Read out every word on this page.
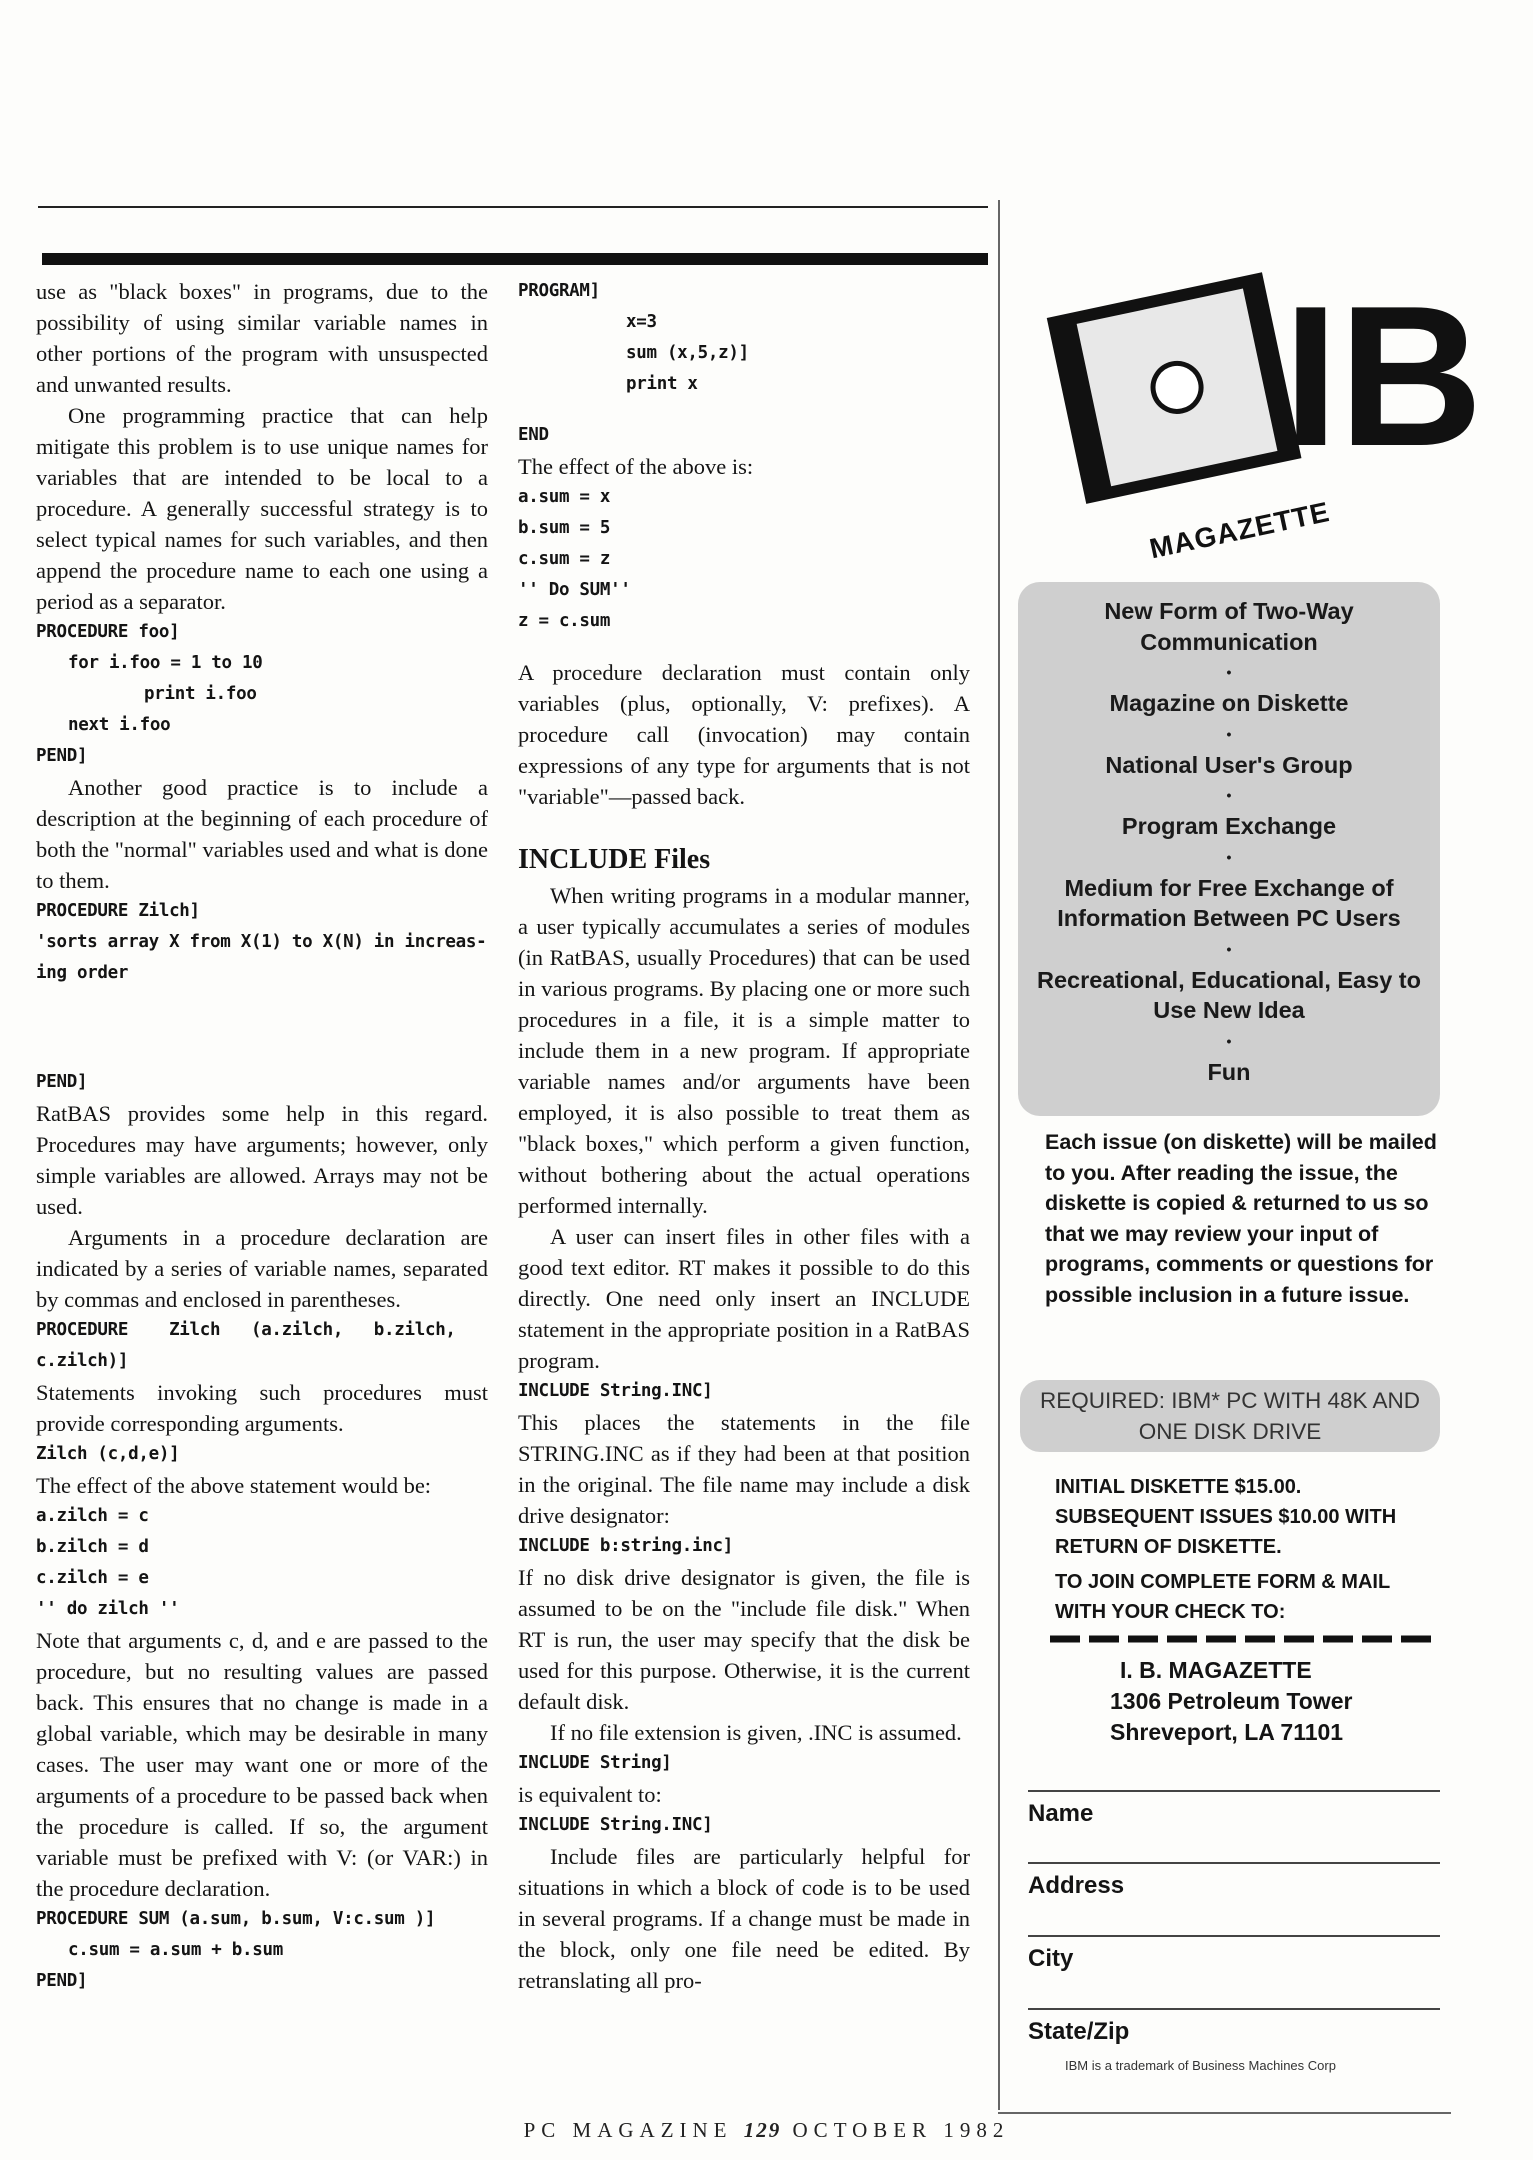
use as "black boxes" in programs, due to the possibility of using similar variable names in other portions of the program with unsuspected and unwanted results.

One programming practice that can help mitigate this problem is to use unique names for variables that are intended to be local to a procedure. A generally successful strategy is to select typical names for such variables, and then append the procedure name to each one using a period as a separator.

PROCEDURE foo]
for i.foo = 1 to 10
print i.foo
next i.foo
PEND]

Another good practice is to include a description at the beginning of each procedure of both the "normal" variables used and what is done to them.

PROCEDURE Zilch]
'sorts array X from X(1) to X(N) in increas-
ing order
PEND]

RatBAS provides some help in this regard. Procedures may have arguments; however, only simple variables are allowed. Arrays may not be used.

Arguments in a procedure declaration are indicated by a series of variable names, separated by commas and enclosed in parentheses.

PROCEDURE    Zilch   (a.zilch,   b.zilch,
c.zilch)]

Statements invoking such procedures must provide corresponding arguments.

Zilch (c,d,e)]

The effect of the above statement would be:

a.zilch = c
b.zilch = d
c.zilch = e
'' do zilch ''

Note that arguments c, d, and e are passed to the procedure, but no resulting values are passed back. This ensures that no change is made in a global variable, which may be desirable in many cases. The user may want one or more of the arguments of a procedure to be passed back when the procedure is called. If so, the argument variable must be prefixed with V: (or VAR:) in the procedure declaration.

PROCEDURE SUM (a.sum, b.sum, V:c.sum )]
c.sum = a.sum + b.sum
PEND]
PROGRAM]
x=3
sum (x,5,z)]
print x
END

The effect of the above is:

a.sum = x
b.sum = 5
c.sum = z
'' Do SUM''
z = c.sum

A procedure declaration must contain only variables (plus, optionally, V: prefixes). A procedure call (invocation) may contain expressions of any type for arguments that is not "variable"—passed back.

INCLUDE Files

When writing programs in a modular manner, a user typically accumulates a series of modules (in RatBAS, usually Procedures) that can be used in various programs. By placing one or more such procedures in a file, it is a simple matter to include them in a new program. If appropriate variable names and/or arguments have been employed, it is also possible to treat them as "black boxes," which perform a given function, without bothering about the actual operations performed internally.

A user can insert files in other files with a good text editor. RT makes it possible to do this directly. One need only insert an INCLUDE statement in the appropriate position in a RatBAS program.

INCLUDE String.INC]

This places the statements in the file STRING.INC as if they had been at that position in the original. The file name may include a disk drive designator:

INCLUDE b:string.inc]

If no disk drive designator is given, the file is assumed to be on the "include file disk." When RT is run, the user may specify that the disk be used for this purpose. Otherwise, it is the current default disk.

If no file extension is given, .INC is assumed.

INCLUDE String]

is equivalent to:

INCLUDE String.INC]

Include files are particularly helpful for situations in which a block of code is to be used in several programs. If a change must be made in the block, only one file need be edited. By retranslating all pro-

IB
MAGAZETTE

New Form of Two-Way Communication

•

Magazine on Diskette

•

National User's Group

•

Program Exchange

•

Medium for Free Exchange of Information Between PC Users

•

Recreational, Educational, Easy to Use New Idea

•

Fun

Each issue (on diskette) will be mailed to you. After reading the issue, the diskette is copied & returned to us so that we may review your input of programs, comments or questions for possible inclusion in a future issue.

REQUIRED: IBM* PC WITH 48K AND ONE DISK DRIVE

INITIAL DISKETTE $15.00. SUBSEQUENT ISSUES $10.00 WITH RETURN OF DISKETTE.

TO JOIN COMPLETE FORM & MAIL WITH YOUR CHECK TO:

I. B. MAGAZETTE
1306 Petroleum Tower
Shreveport, LA 71101
Name
Address
City
State/Zip
IBM is a trademark of Business Machines Corp
PC MAGAZINE 129 OCTOBER 1982
